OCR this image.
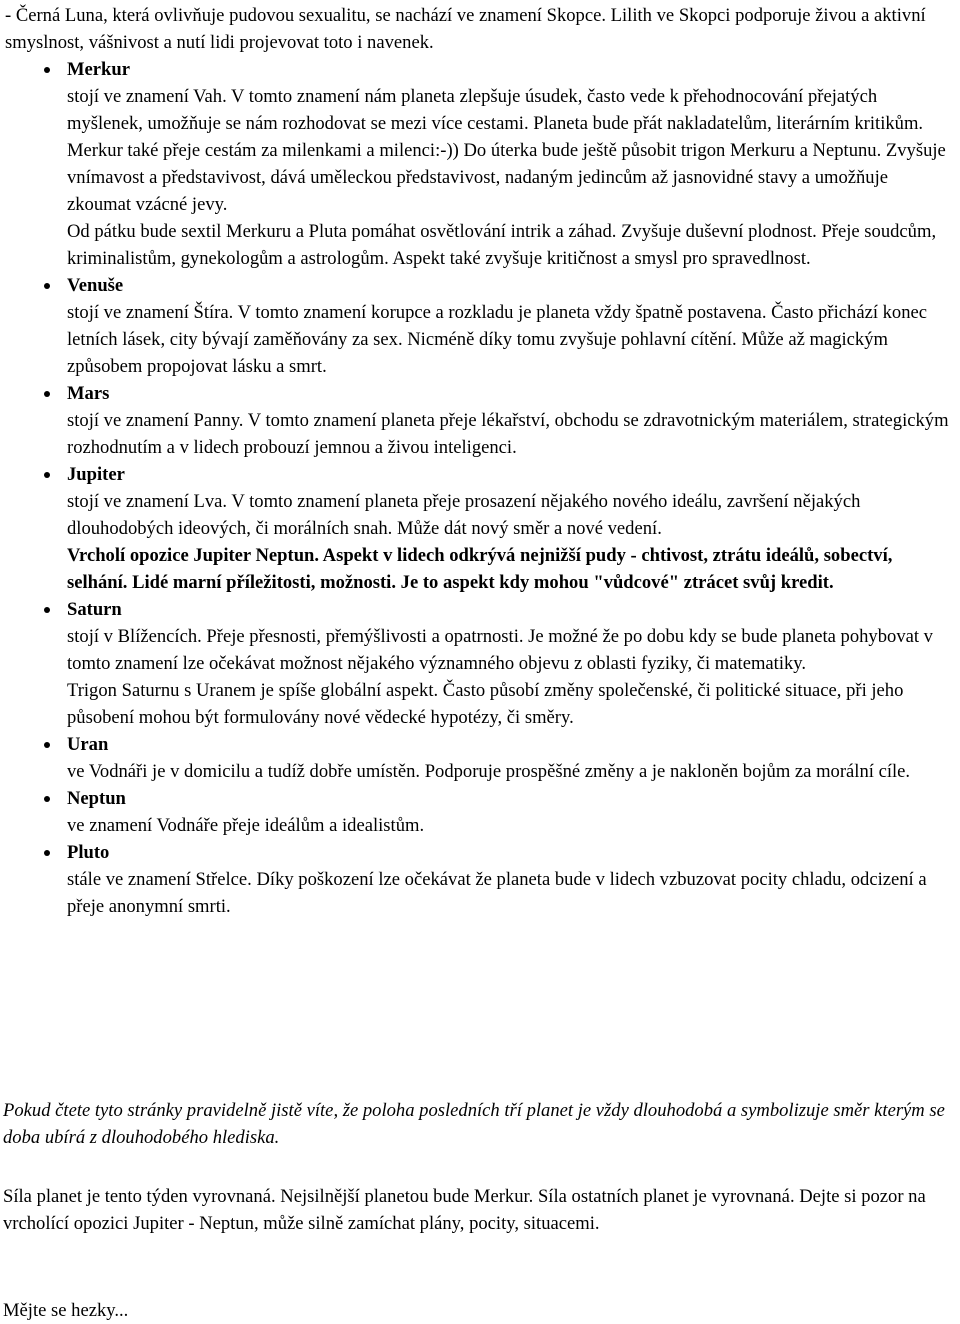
- Černá Luna, která ovlivňuje pudovou sexualitu, se nachází ve znamení Skopce. Lilith ve Skopci podporuje živou a aktivní smyslnost, vášnivost a nutí lidi projevovat toto i navenek.
Merkur
stojí ve znamení Vah. V tomto znamení nám planeta zlepšuje úsudek, často vede k přehodnocování přejatých myšlenek, umožňuje se nám rozhodovat se mezi více cestami. Planeta bude přát nakladatelům, literárním kritikům. Merkur také přeje cestám za milenkami a milenci:-)) Do úterka bude ještě působit trigon Merkuru a Neptunu. Zvyšuje vnímavost a představivost, dává uměleckou představivost, nadaným jedincům až jasnovidné stavy a umožňuje zkoumat vzácné jevy.
Od pátku bude sextil Merkuru a Pluta pomáhat osvětlování intrik a záhad. Zvyšuje duševní plodnost. Přeje soudcům, kriminalistům, gynekologům a astrologům. Aspekt také zvyšuje kritičnost a smysl pro spravedlnost.
Venuše
stojí ve znamení Štíra. V tomto znamení korupce a rozkladu je planeta vždy špatně postavena. Často přichází konec letních lásek, city bývají zaměňovány za sex. Nicméně díky tomu zvyšuje pohlavní cítění. Může až magickým způsobem propojovat lásku a smrt.
Mars
stojí ve znamení Panny. V tomto znamení planeta přeje lékařství, obchodu se zdravotnickým materiálem, strategickým rozhodnutím a v lidech probouzí jemnou a živou inteligenci.
Jupiter
stojí ve znamení Lva. V tomto znamení planeta přeje prosazení nějakého nového ideálu, završení nějakých dlouhodobých ideových, či morálních snah. Může dát nový směr a nové vedení.
Vrcholí opozice Jupiter Neptun. Aspekt v lidech odkrývá nejnižší pudy - chtivost, ztrátu ideálů, sobectví, selhání. Lidé marní příležitosti, možnosti. Je to aspekt kdy mohou "vůdcové" ztrácet svůj kredit.
Saturn
stojí v Blížencích. Přeje přesnosti, přemýšlivosti a opatrnosti. Je možné že po dobu kdy se bude planeta pohybovat v tomto znamení lze očekávat možnost nějakého významného objevu z oblasti fyziky, či matematiky.
Trigon Saturnu s Uranem je spíše globální aspekt. Často působí změny společenské, či politické situace, při jeho působení mohou být formulovány nové vědecké hypotézy, či směry.
Uran
ve Vodnáři je v domicilu a tudíž dobře umístěn. Podporuje prospěšné změny a je nakloněn bojům za morální cíle.
Neptun
ve znamení Vodnáře přeje ideálům a idealistům.
Pluto
stále ve znamení Střelce. Díky poškození lze očekávat že planeta bude v lidech vzbuzovat pocity chladu, odcizení a přeje anonymní smrti.
Pokud čtete tyto stránky pravidelně jistě víte, že poloha posledních tří planet je vždy dlouhodobá a symbolizuje směr kterým se doba ubírá z dlouhodobého hlediska.
Síla planet je tento týden vyrovnaná. Nejsilnější planetou bude Merkur. Síla ostatních planet je vyrovnaná. Dejte si pozor na vrcholící opozici Jupiter - Neptun, může silně zamíchat plány, pocity, situacemi.
Mějte se hezky...
